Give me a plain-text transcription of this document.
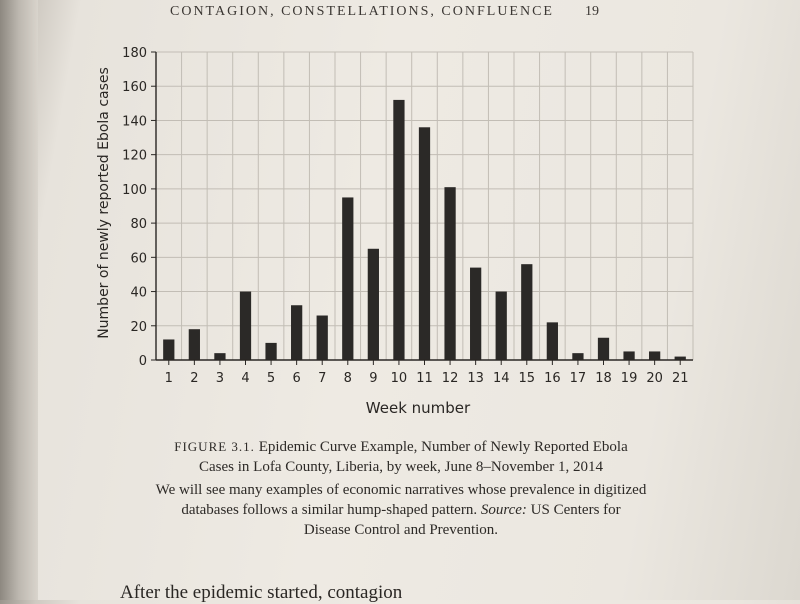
CONTAGION, CONSTELLATIONS, CONFLUENCE 19
0
20
40
60
80
100
120
140
160
180
1 2 3 4 5 6 7 8 9 10 11 12 13 14 15 16 17 18 19 20 21
Number of newly reported Ebola cases
Week number
FIGURE 3.1. Epidemic Curve Example, Number of Newly Reported Ebola
Cases in Lofa County, Liberia, by week, June 8–November 1, 2014
We will see many examples of economic narratives whose prevalence in digitized
databases follows a similar hump-shaped pattern. Source: US Centers for
Disease Control and Prevention.
After the epidemic started, contagion
